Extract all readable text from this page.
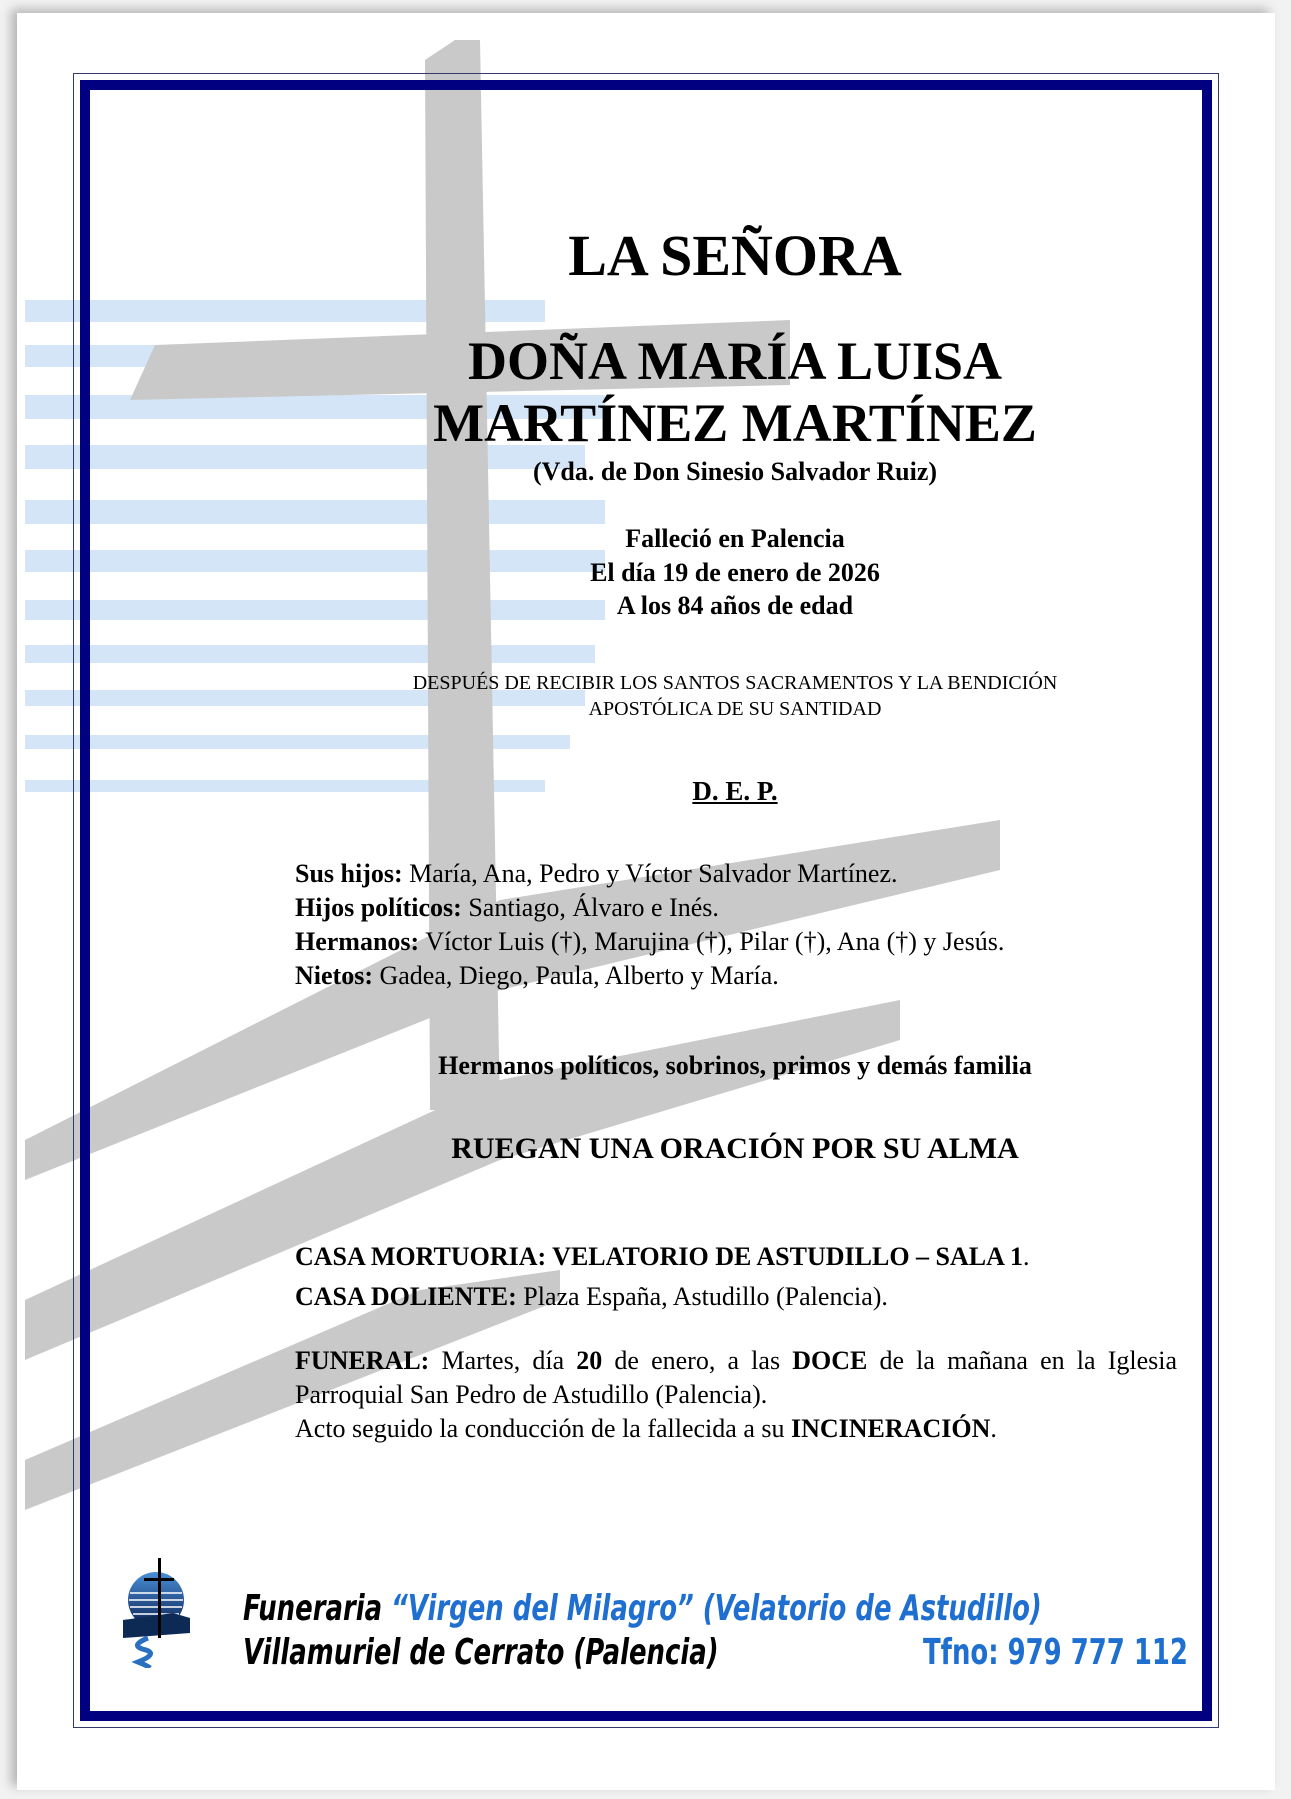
LA SEÑORA
DOÑA MARÍA LUISA
MARTÍNEZ MARTÍNEZ
(Vda. de Don Sinesio Salvador Ruiz)
Falleció en Palencia
El día 19 de enero de 2026
A los 84 años de edad
DESPUÉS DE RECIBIR LOS SANTOS SACRAMENTOS Y LA BENDICIÓN
APOSTÓLICA DE SU SANTIDAD
D. E. P.
Sus hijos: María, Ana, Pedro y Víctor Salvador Martínez.
Hijos políticos: Santiago, Álvaro e Inés.
Hermanos: Víctor Luis (†), Marujina (†), Pilar (†), Ana (†) y Jesús.
Nietos: Gadea, Diego, Paula, Alberto y María.
Hermanos políticos, sobrinos, primos y demás familia
RUEGAN UNA ORACIÓN POR SU ALMA
CASA MORTUORIA: VELATORIO DE ASTUDILLO – SALA 1.
CASA DOLIENTE: Plaza España, Astudillo (Palencia).
FUNERAL: Martes, día 20 de enero, a las DOCE de la mañana en la Iglesia Parroquial San Pedro de Astudillo (Palencia).
Acto seguido la conducción de la fallecida a su INCINERACIÓN.
Funeraria “Virgen del Milagro” (Velatorio de Astudillo)
Villamuriel de Cerrato (Palencia)	Tfno: 979 777 112
